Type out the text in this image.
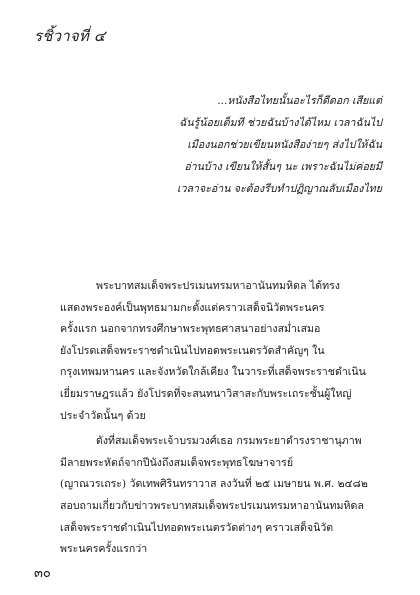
รชิ้วาจที่ ๔
...หนังสือไทยนั้นอะไรก็ดีดอก เสียแต่
ฉันรู้น้อยเต็มที ช่วยฉันบ้างได้ไหม เวลาฉันไป
เมืองนอกช่วยเขียนหนังสือง่ายๆ ส่งไปให้ฉัน
อ่านบ้าง เขียนให้สั้นๆ นะ เพราะฉันไม่ค่อยมี
เวลาจะอ่าน จะต้องรีบทำปฏิญาณลับเมืองไทย
พระบาทสมเด็จพระปรเมนทรมหาอานันทมหิดล ได้ทรง
แสดงพระองค์เป็นพุทธมามกะตั้งแต่คราวเสด็จนิวัตพระนคร
ครั้งแรก นอกจากทรงศึกษาพระพุทธศาสนาอย่างสม่ำเสมอ
ยังโปรดเสด็จพระราชดำเนินไปทอดพระเนตรวัดสำคัญๆ ใน
กรุงเทพมหานคร และจังหวัดใกล้เคียง ในวาระที่เสด็จพระราชดำเนิน
เยี่ยมราษฎรแล้ว ยังโปรดที่จะสนทนาวิสาสะกับพระเถระชั้นผู้ใหญ่
ประจำวัดนั้นๆ ด้วย
ดังที่สมเด็จพระเจ้าบรมวงศ์เธอ กรมพระยาดำรงราชานุภาพ
มีลายพระหัตถ์จากปีนังถึงสมเด็จพระพุทธโฆษาจารย์
(ญาณวรเถระ) วัดเทพศิรินทราวาส ลงวันที่ ๒๕ เมษายน พ.ศ. ๒๔๘๒
สอบถามเกี่ยวกับข่าวพระบาทสมเด็จพระปรเมนทรมหาอานันทมหิดล
เสด็จพระราชดำเนินไปทอดพระเนตรวัดต่างๆ คราวเสด็จนิวัต
พระนครครั้งแรกว่า
๓๐
